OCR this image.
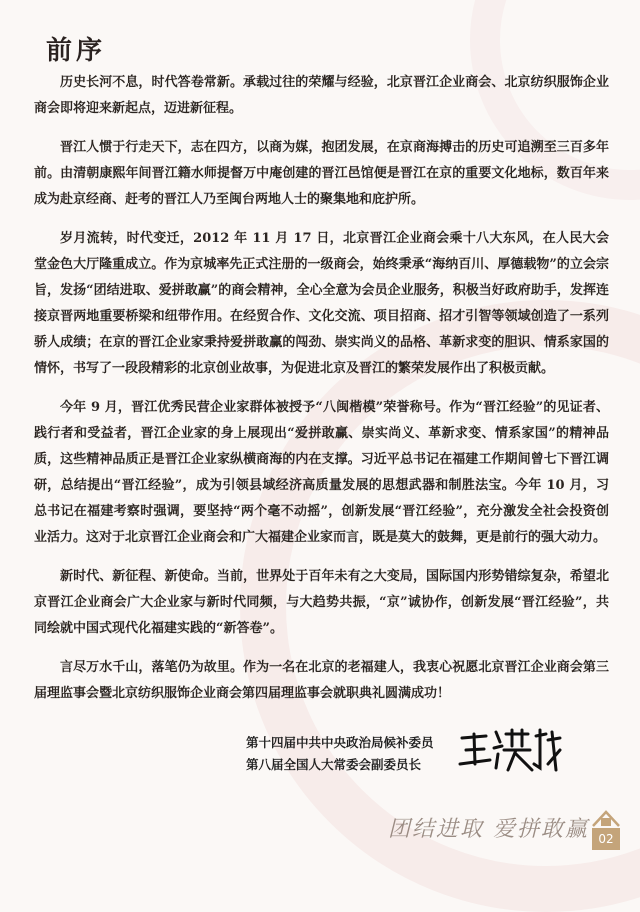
前序

历史长河不息，时代答卷常新。承载过往的荣耀与经验，北京晋江企业商会、北京纺织服饰企业商会即将迎来新起点，迈进新征程。

晋江人惯于行走天下，志在四方，以商为媒，抱团发展，在京商海搏击的历史可追溯至三百多年前。由清朝康熙年间晋江籍水师提督万中庵创建的晋江邑馆便是晋江在京的重要文化地标，数百年来成为赴京经商、赶考的晋江人乃至闽台两地人士的聚集地和庇护所。

岁月流转，时代变迁，2012 年 11 月 17 日，北京晋江企业商会乘十八大东风，在人民大会堂金色大厅隆重成立。作为京城率先正式注册的一级商会，始终秉承“海纳百川、厚德载物”的立会宗旨，发扬“团结进取、爱拼敢赢”的商会精神，全心全意为会员企业服务，积极当好政府助手，发挥连接京晋两地重要桥梁和纽带作用。在经贸合作、文化交流、项目招商、招才引智等领域创造了一系列骄人成绩；在京的晋江企业家秉持爱拼敢赢的闯劲、崇实尚义的品格、革新求变的胆识、情系家国的情怀，书写了一段段精彩的北京创业故事，为促进北京及晋江的繁荣发展作出了积极贡献。

今年 9 月，晋江优秀民营企业家群体被授予“八闽楷模”荣誉称号。作为“晋江经验”的见证者、践行者和受益者，晋江企业家的身上展现出“爱拼敢赢、崇实尚义、革新求变、情系家国”的精神品质，这些精神品质正是晋江企业家纵横商海的内在支撑。习近平总书记在福建工作期间曾七下晋江调研，总结提出“晋江经验”，成为引领县域经济高质量发展的思想武器和制胜法宝。今年 10 月，习总书记在福建考察时强调，要坚持“两个毫不动摇”，创新发展“晋江经验”，充分激发全社会投资创业活力。这对于北京晋江企业商会和广大福建企业家而言，既是莫大的鼓舞，更是前行的强大动力。

新时代、新征程、新使命。当前，世界处于百年未有之大变局，国际国内形势错综复杂，希望北京晋江企业商会广大企业家与新时代同频，与大趋势共振，“京”诚协作，创新发展“晋江经验”，共同绘就中国式现代化福建实践的“新答卷”。

言尽万水千山，落笔仍为故里。作为一名在北京的老福建人，我衷心祝愿北京晋江企业商会第三届理监事会暨北京纺织服饰企业商会第四届理监事会就职典礼圆满成功！

第十四届中共中央政治局候补委员
第八届全国人大常委会副委员长
团结进取 爱拼敢赢 02
